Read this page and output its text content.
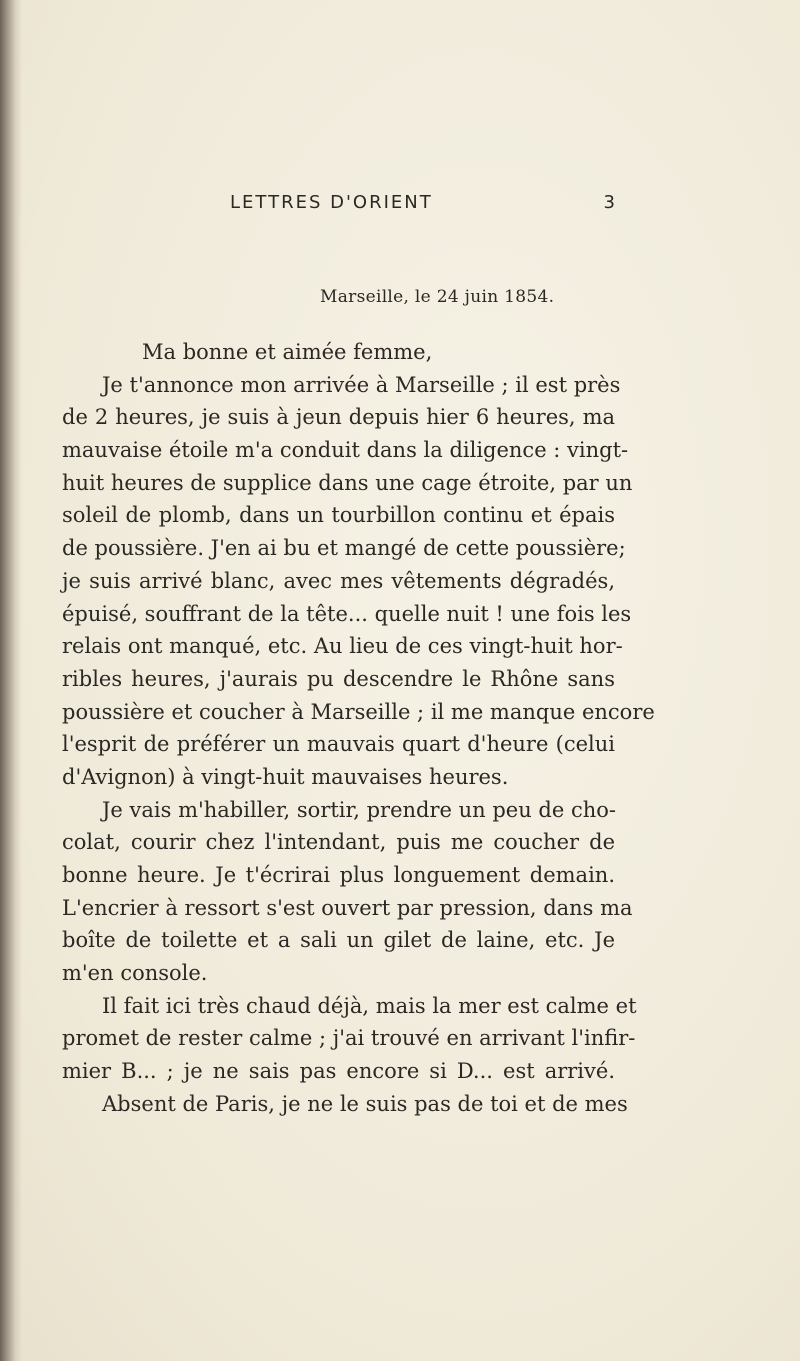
LETTRES D'ORIENT	3
Marseille, le 24 juin 1854.
Ma bonne et aimée femme,
Je t'annonce mon arrivée à Marseille ; il est près
de 2 heures, je suis à jeun depuis hier 6 heures, ma
mauvaise étoile m'a conduit dans la diligence : vingt-
huit heures de supplice dans une cage étroite, par un
soleil de plomb, dans un tourbillon continu et épais
de poussière. J'en ai bu et mangé de cette poussière;
je suis arrivé blanc, avec mes vêtements dégradés,
épuisé, souffrant de la tête... quelle nuit ! une fois les
relais ont manqué, etc. Au lieu de ces vingt-huit hor-
ribles heures, j'aurais pu descendre le Rhône sans
poussière et coucher à Marseille ; il me manque encore
l'esprit de préférer un mauvais quart d'heure (celui
d'Avignon) à vingt-huit mauvaises heures.
Je vais m'habiller, sortir, prendre un peu de cho-
colat, courir chez l'intendant, puis me coucher de
bonne heure. Je t'écrirai plus longuement demain.
L'encrier à ressort s'est ouvert par pression, dans ma
boîte de toilette et a sali un gilet de laine, etc. Je
m'en console.
Il fait ici très chaud déjà, mais la mer est calme et
promet de rester calme ; j'ai trouvé en arrivant l'infir-
mier B... ; je ne sais pas encore si D... est arrivé.
Absent de Paris, je ne le suis pas de toi et de mes
